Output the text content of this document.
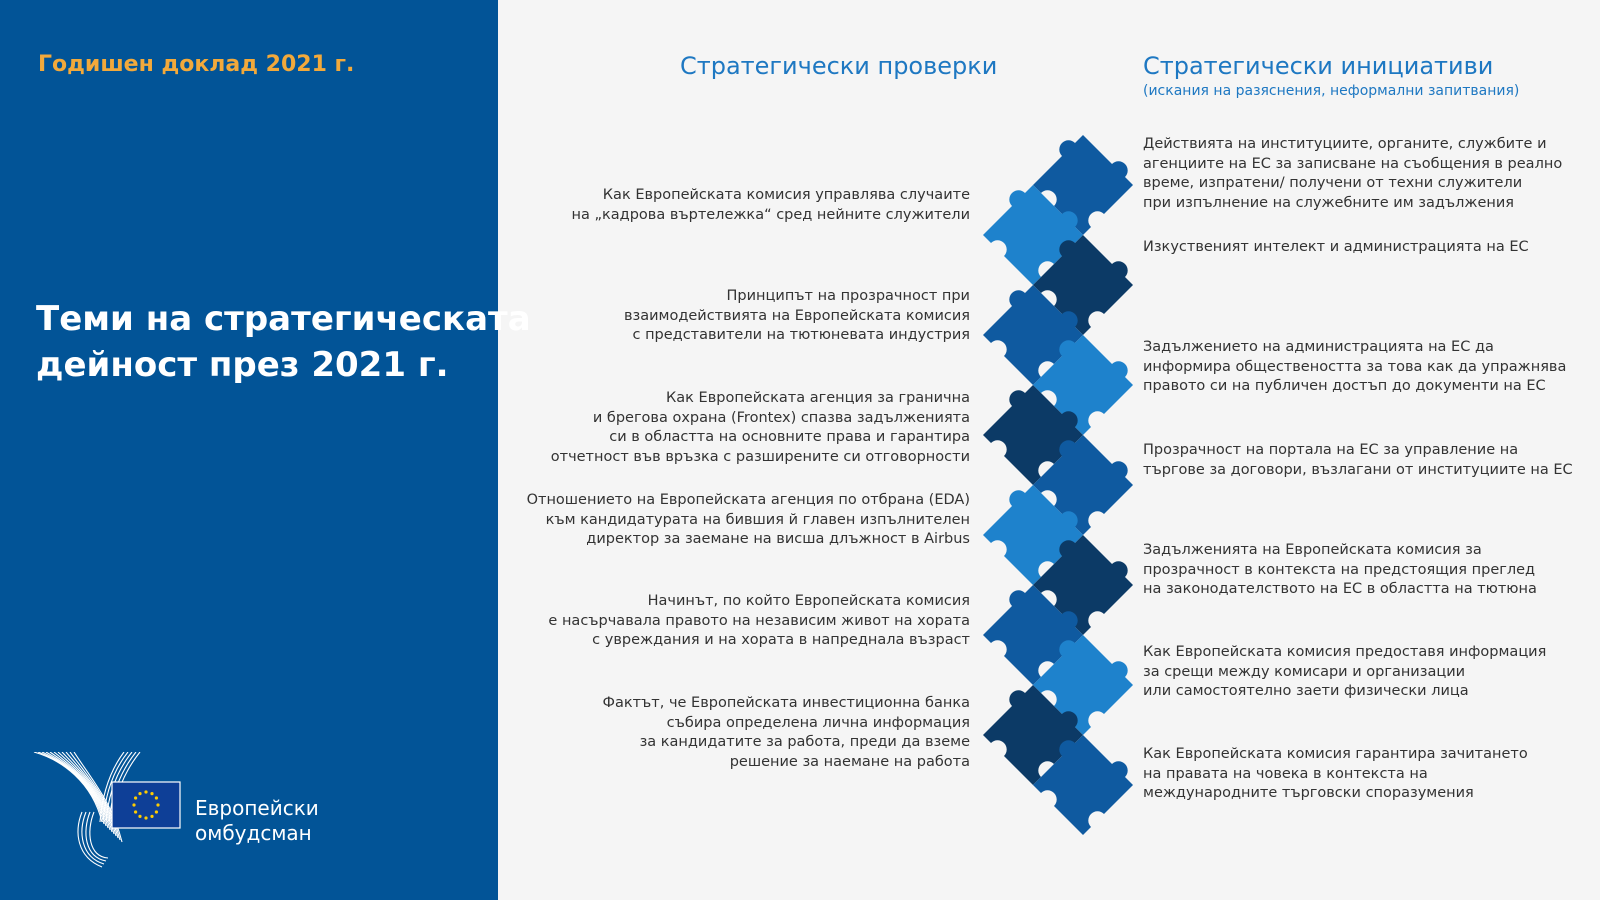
Годишен доклад 2021 г.
Теми на стратегическата
дейност през 2021 г.
Европейски
омбудсман
Стратегически проверки	Стратегически инициативи
(искания на разяснения, неформални запитвания)
Как Европейската комисия управлява случаите
на „кадрова въртележка“ сред нейните служители
Принципът на прозрачност при
взаимодействията на Европейската комисия
с представители на тютюневата индустрия
Как Европейската агенция за гранична
и брегова охрана (Frontex) спазва задълженията
си в областта на основните права и гарантира
отчетност във връзка с разширените си отговорности
Отношението на Европейската агенция по отбрана (EDA)
към кандидатурата на бившия й главен изпълнителен
директор за заемане на висша длъжност в Airbus
Начинът, по който Европейската комисия
е насърчавала правото на независим живот на хората
с увреждания и на хората в напреднала възраст
Фактът, че Европейската инвестиционна банка
събира определена лична информация
за кандидатите за работа, преди да вземе
решение за наемане на работа
Действията на институциите, органите, службите и
агенциите на ЕС за записване на съобщения в реално
време, изпратени/ получени от техни служители
при изпълнение на служебните им задължения
Изкуственият интелект и администрацията на ЕС
Задължението на администрацията на ЕС да
информира обществеността за това как да упражнява
правото си на публичен достъп до документи на ЕС
Прозрачност на портала на ЕС за управление на
търгове за договори, възлагани от институциите на ЕС
Задълженията на Европейската комисия за
прозрачност в контекста на предстоящия преглед
на законодателството на ЕС в областта на тютюна
Как Европейската комисия предоставя информация
за срещи между комисари и организации
или самостоятелно заети физически лица
Как Европейската комисия гарантира зачитането
на правата на човека в контекста на
международните търговски споразумения
